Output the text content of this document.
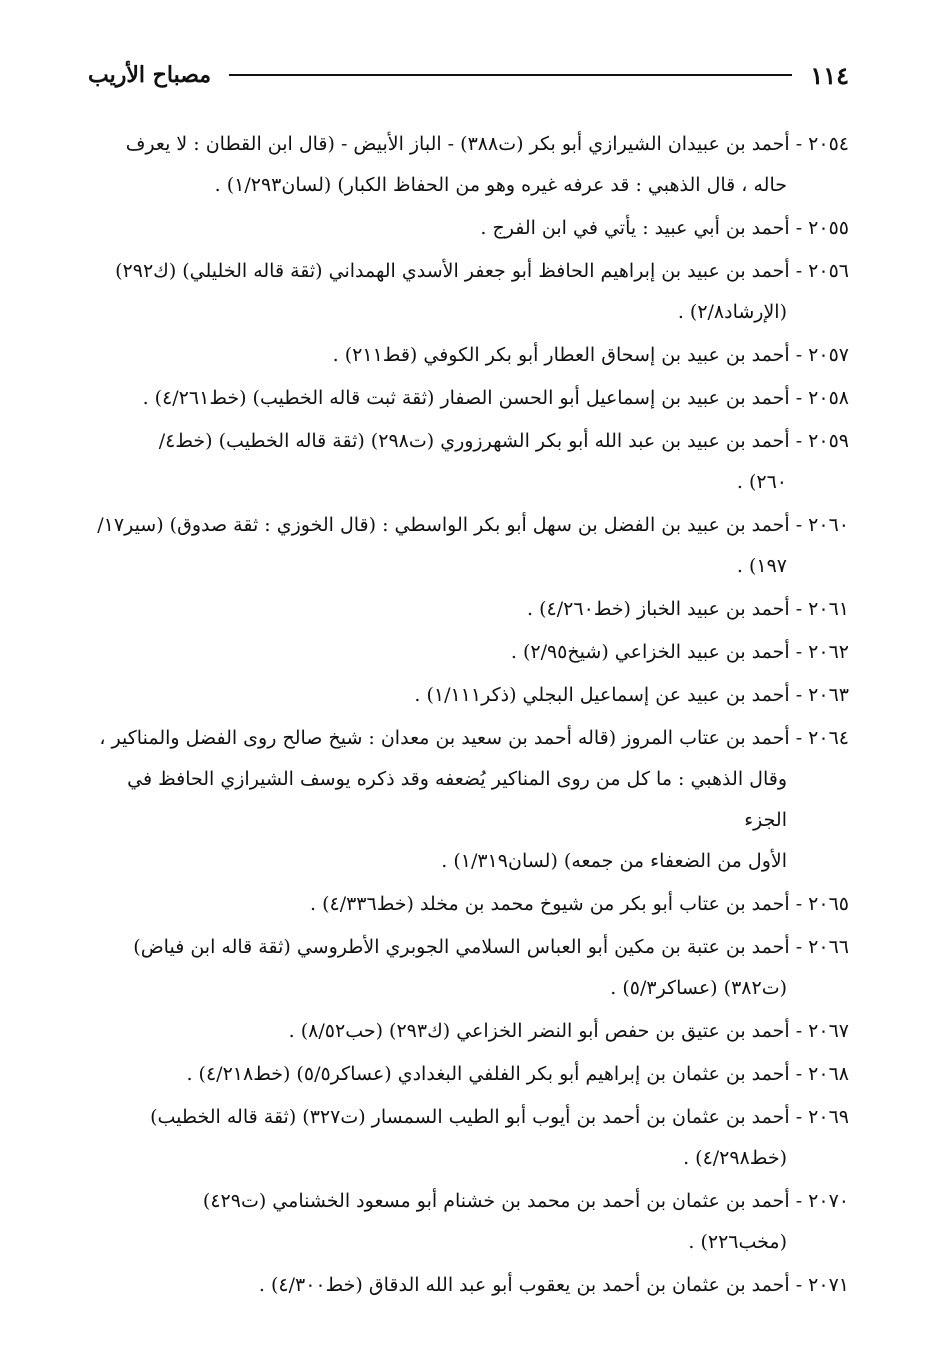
١١٤
مصباح الأريب
٢٠٥٤ - أحمد بن عبيدان الشيرازي أبو بكر (ت٣٨٨) - الباز الأبيض - (قال ابن القطان : لا يعرف
حاله ، قال الذهبي : قد عرفه غيره وهو من الحفاظ الكبار) (لسان١/٢٩٣) .
٢٠٥٥ - أحمد بن أبي عبيد : يأتي في ابن الفرج .
٢٠٥٦ - أحمد بن عبيد بن إبراهيم الحافظ أبو جعفر الأسدي الهمداني (ثقة قاله الخليلي) (ك٢٩٢)
(الإرشاد٢/٨) .
٢٠٥٧ - أحمد بن عبيد بن إسحاق العطار أبو بكر الكوفي (قط٢١١) .
٢٠٥٨ - أحمد بن عبيد بن إسماعيل أبو الحسن الصفار (ثقة ثبت قاله الخطيب) (خط٤/٢٦١) .
٢٠٥٩ - أحمد بن عبيد بن عبد الله أبو بكر الشهرزوري (ت٢٩٨) (ثقة قاله الخطيب) (خط٤/
٢٦٠) .
٢٠٦٠ - أحمد بن عبيد بن الفضل بن سهل أبو بكر الواسطي : (قال الخوزي : ثقة صدوق) (سير١٧/
١٩٧) .
٢٠٦١ - أحمد بن عبيد الخباز (خط٤/٢٦٠) .
٢٠٦٢ - أحمد بن عبيد الخزاعي (شيخ٢/٩٥) .
٢٠٦٣ - أحمد بن عبيد عن إسماعيل البجلي (ذكر١/١١١) .
٢٠٦٤ - أحمد بن عتاب المروز (قاله أحمد بن سعيد بن معدان : شيخ صالح روى الفضل والمناكير ،
وقال الذهبي : ما كل من روى المناكير يُضعفه وقد ذكره يوسف الشيرازي الحافظ في الجزء
الأول من الضعفاء من جمعه) (لسان١/٣١٩) .
٢٠٦٥ - أحمد بن عتاب أبو بكر من شيوخ محمد بن مخلد (خط٤/٣٣٦) .
٢٠٦٦ - أحمد بن عتبة بن مكين أبو العباس السلامي الجوبري الأطروسي (ثقة قاله ابن فياض)
(ت٣٨٢) (عساكر٥/٣) .
٢٠٦٧ - أحمد بن عتيق بن حفص أبو النضر الخزاعي (ك٢٩٣) (حب٨/٥٢) .
٢٠٦٨ - أحمد بن عثمان بن إبراهيم أبو بكر الفلفي البغدادي (عساكر٥/٥) (خط٤/٢١٨) .
٢٠٦٩ - أحمد بن عثمان بن أحمد بن أيوب أبو الطيب السمسار (ت٣٢٧) (ثقة قاله الخطيب)
(خط٤/٢٩٨) .
٢٠٧٠ - أحمد بن عثمان بن أحمد بن محمد بن خشنام أبو مسعود الخشنامي (ت٤٢٩)
(مخب٢٢٦) .
٢٠٧١ - أحمد بن عثمان بن أحمد بن يعقوب أبو عبد الله الدقاق (خط٤/٣٠٠) .
